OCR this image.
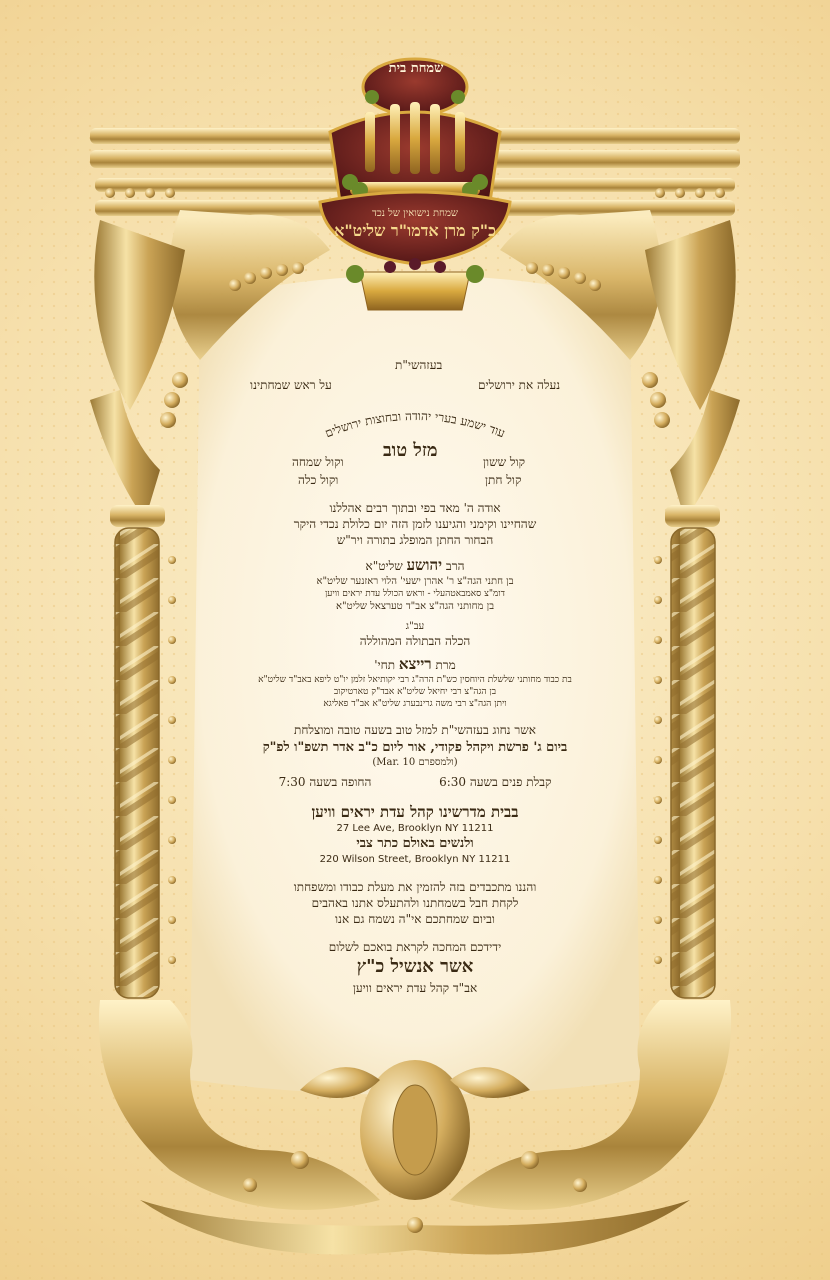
שמחת בית
שמחת נישואין של נכד
כ"ק מרן אדמו"ר שליט"א
בעזהשי"ת
נעלה את ירושלים
על ראש שמחתינו
עוד ישמע בערי יהודה ובחוצות ירושלים
מזל טוב
קול ששון
וקול שמחה
קול חתן
וקול כלה
אודה ה' מאד בפי ובתוך רבים אהללנו
שהחיינו וקימני והגיענו לזמן הזה יום כלולת נכדי היקר
הבחור החתן המופלג בתורה ויר"ש
הרב יהושע שליט"א
בן חתני הגה"צ ר' אהרן ישעי' הלוי ראזנער שליט"א
דומ"צ סאמבאטהעלי - וראש הכולל עדת יראים וויען
בן מחותני הגה"צ אב"ד טערצאל שליט"א
עב"ג
הכלה הבתולה המהוללה
מרת רייצא תחי'
בת כבוד מחותני שלשלת היוחסין כש"ת הרה"ג רבי יקותיאל זלמן יו"ט ליפא באב"ד שליט"א
בן הגה"צ רבי יחיאל שליט"א אבד"ק טארטיקוב
ויתן הגה"צ רבי משה גרינבערג שליט"א אב"ד פאליגא
אשר נחוג בעזהשי"ת למזל טוב בשעה טובה ומוצלחת
ביום ג' פרשת ויקהל פקודי, אור ליום כ"ב אדר תשפ"ו לפ"ק
(ולמספרם Mar. 10)
קבלת פנים בשעה 6:30  החופה בשעה 7:30
בבית מדרשינו קהל עדת יראים וויען
27 Lee Ave, Brooklyn NY 11211
ולנשים באולם כתר צבי
220 Wilson Street, Brooklyn NY 11211
והננו מתכבדים בזה להזמין את מעלת כבודו ומשפחתו
לקחת חבל בשמחתנו ולהתעלס אתנו באהבים
וביום שמחתכם אי"ה נשמח גם אנו
ידידכם המחכה לקראת בואכם לשלום
אשר אנשיל כ"ץ
אב"ד קהל עדת יראים וויען
